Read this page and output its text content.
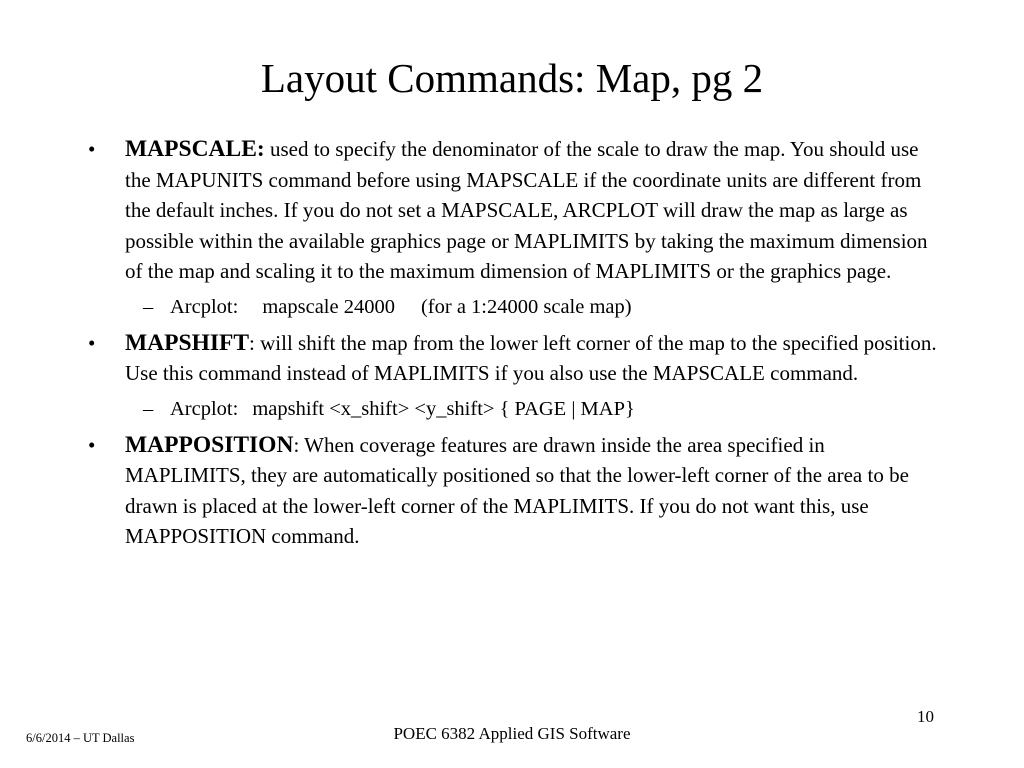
Layout Commands: Map, pg 2
• MAPSCALE: used to specify the denominator of the scale to draw the map. You should use the MAPUNITS command before using MAPSCALE if the coordinate units are different from the default inches. If you do not set a MAPSCALE, ARCPLOT will draw the map as large as possible within the available graphics page or MAPLIMITS by taking the maximum dimension of the map and scaling it to the maximum dimension of MAPLIMITS or the graphics page.
– Arcplot: mapscale 24000 (for a 1:24000 scale map)
• MAPSHIFT: will shift the map from the lower left corner of the map to the specified position. Use this command instead of MAPLIMITS if you also use the MAPSCALE command.
– Arcplot: mapshift <x_shift> <y_shift> { PAGE | MAP}
• MAPPOSITION: When coverage features are drawn inside the area specified in MAPLIMITS, they are automatically positioned so that the lower-left corner of the area to be drawn is placed at the lower-left corner of the MAPLIMITS. If you do not want this, use MAPPOSITION command.
10
6/6/2014 – UT Dallas	POEC 6382 Applied GIS Software
